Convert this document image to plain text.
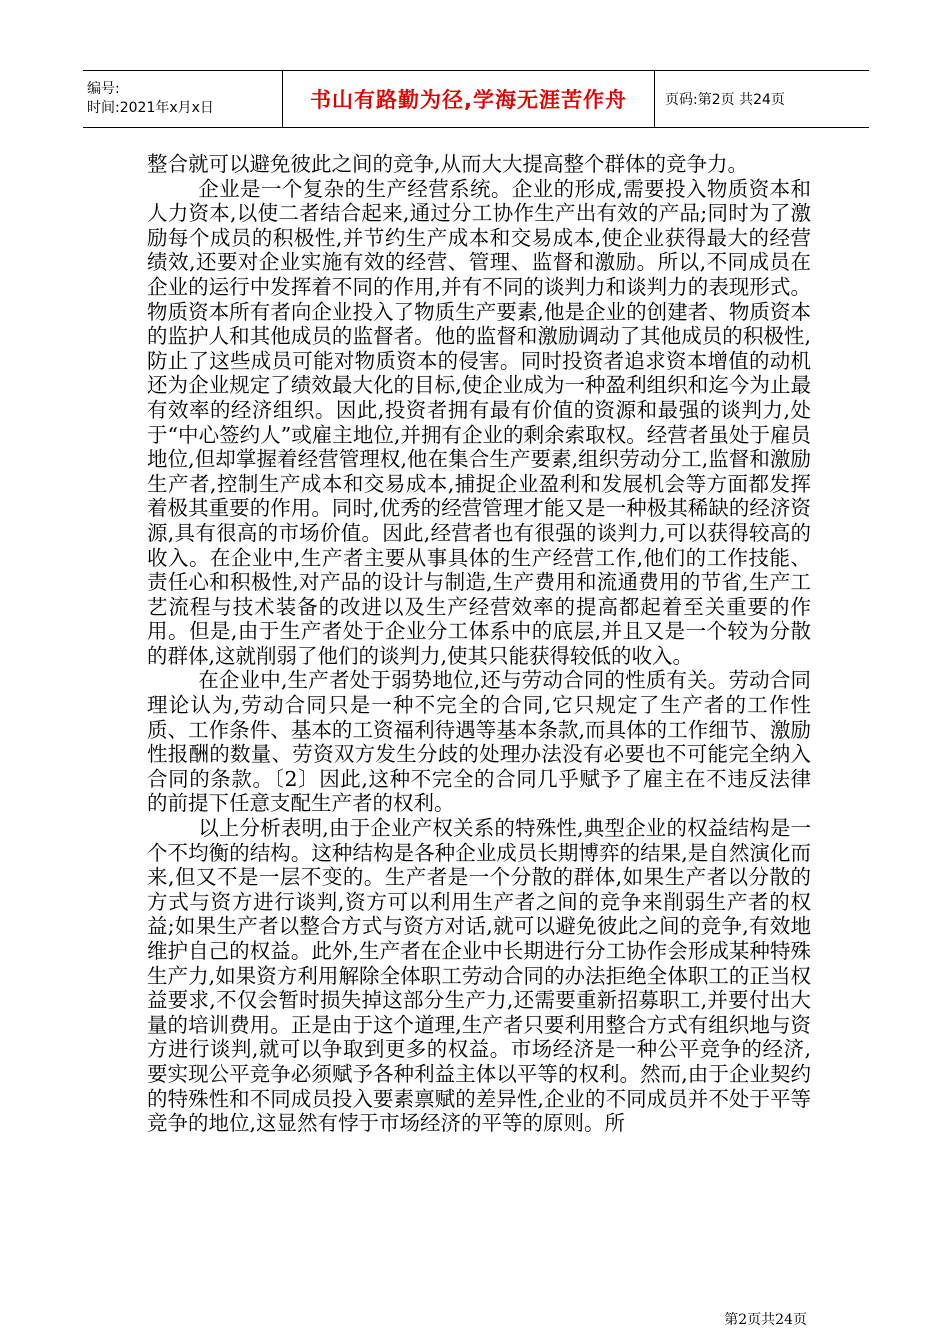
编号:
时间:2021年x月x日	书山有路勤为径,学海无涯苦作舟	页码:第2页 共24页

整合就可以避免彼此之间的竞争,从而大大提高整个群体的竞争力。

企业是一个复杂的生产经营系统。企业的形成,需要投入物质资本和人力资本,以使二者结合起来,通过分工协作生产出有效的产品;同时为了激励每个成员的积极性,并节约生产成本和交易成本,使企业获得最大的经营绩效,还要对企业实施有效的经营、管理、监督和激励。所以,不同成员在企业的运行中发挥着不同的作用,并有不同的谈判力和谈判力的表现形式。物质资本所有者向企业投入了物质生产要素,他是企业的创建者、物质资本的监护人和其他成员的监督者。他的监督和激励调动了其他成员的积极性,防止了这些成员可能对物质资本的侵害。同时投资者追求资本增值的动机还为企业规定了绩效最大化的目标,使企业成为一种盈利组织和迄今为止最有效率的经济组织。因此,投资者拥有最有价值的资源和最强的谈判力,处于“中心签约人”或雇主地位,并拥有企业的剩余索取权。经营者虽处于雇员地位,但却掌握着经营管理权,他在集合生产要素,组织劳动分工,监督和激励生产者,控制生产成本和交易成本,捕捉企业盈利和发展机会等方面都发挥着极其重要的作用。同时,优秀的经营管理才能又是一种极其稀缺的经济资源,具有很高的市场价值。因此,经营者也有很强的谈判力,可以获得较高的收入。在企业中,生产者主要从事具体的生产经营工作,他们的工作技能、责任心和积极性,对产品的设计与制造,生产费用和流通费用的节省,生产工艺流程与技术装备的改进以及生产经营效率的提高都起着至关重要的作用。但是,由于生产者处于企业分工体系中的底层,并且又是一个较为分散的群体,这就削弱了他们的谈判力,使其只能获得较低的收入。

在企业中,生产者处于弱势地位,还与劳动合同的性质有关。劳动合同理论认为,劳动合同只是一种不完全的合同,它只规定了生产者的工作性质、工作条件、基本的工资福利待遇等基本条款,而具体的工作细节、激励性报酬的数量、劳资双方发生分歧的处理办法没有必要也不可能完全纳入合同的条款。〔2〕因此,这种不完全的合同几乎赋予了雇主在不违反法律的前提下任意支配生产者的权利。

以上分析表明,由于企业产权关系的特殊性,典型企业的权益结构是一个不均衡的结构。这种结构是各种企业成员长期博弈的结果,是自然演化而来,但又不是一层不变的。生产者是一个分散的群体,如果生产者以分散的方式与资方进行谈判,资方可以利用生产者之间的竞争来削弱生产者的权益;如果生产者以整合方式与资方对话,就可以避免彼此之间的竞争,有效地维护自己的权益。此外,生产者在企业中长期进行分工协作会形成某种特殊生产力,如果资方利用解除全体职工劳动合同的办法拒绝全体职工的正当权益要求,不仅会暂时损失掉这部分生产力,还需要重新招募职工,并要付出大量的培训费用。正是由于这个道理,生产者只要利用整合方式有组织地与资方进行谈判,就可以争取到更多的权益。市场经济是一种公平竞争的经济,要实现公平竞争必须赋予各种利益主体以平等的权利。然而,由于企业契约的特殊性和不同成员投入要素禀赋的差异性,企业的不同成员并不处于平等竞争的地位,这显然有悖于市场经济的平等的原则。所

第2页共24页
